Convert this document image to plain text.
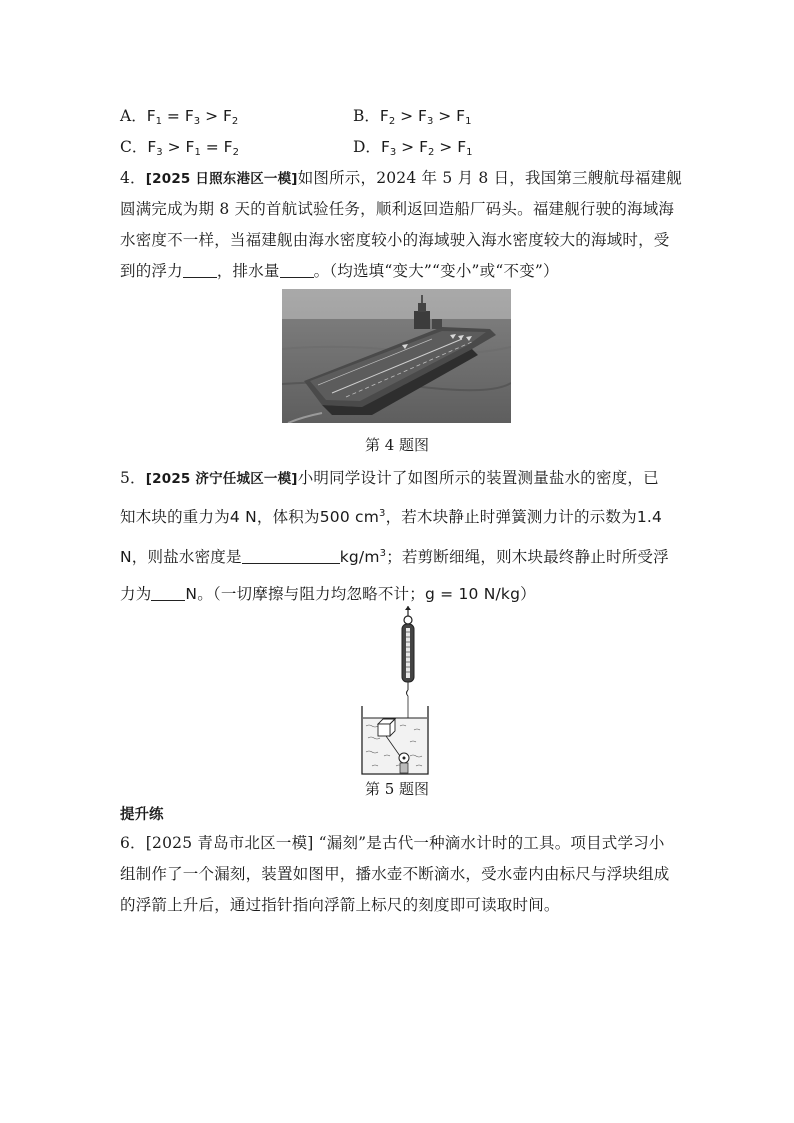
A．$F_1 = F_3 > F_2$	B．$F_2 > F_3 > F_1$
C．$F_3 > F_1 = F_2$	D．$F_3 > F_2 > F_1$
4．[2025 日照东港区一模]如图所示，2024 年 5 月 8 日，我国第三艘航母福建舰
圆满完成为期 8 天的首航试验任务，顺利返回造船厂码头。福建舰行驶的海域海
水密度不一样，当福建舰由海水密度较小的海域驶入海水密度较大的海域时，受
到的浮力 ，排水量 。（均选填“变大”“变小”或“不变”）
第 4 题图
5．[2025 济宁任城区一模]小明同学设计了如图所示的装置测量盐水的密度，已
知木块的重力为4 N，体积为500 $cm^3$，若木块静止时弹簧测力计的示数为1.4
N，则盐水密度是	$kg/m^3$；若剪断细绳，则木块最终静止时所受浮
力为 N。（一切摩擦与阻力均忽略不计；g = 10 N/kg）
第 5 题图
提升练
6．[2025 青岛市北区一模] “漏刻”是古代一种滴水计时的工具。项目式学习小
组制作了一个漏刻，装置如图甲，播水壶不断滴水，受水壶内由标尺与浮块组成
的浮箭上升后，通过指针指向浮箭上标尺的刻度即可读取时间。
